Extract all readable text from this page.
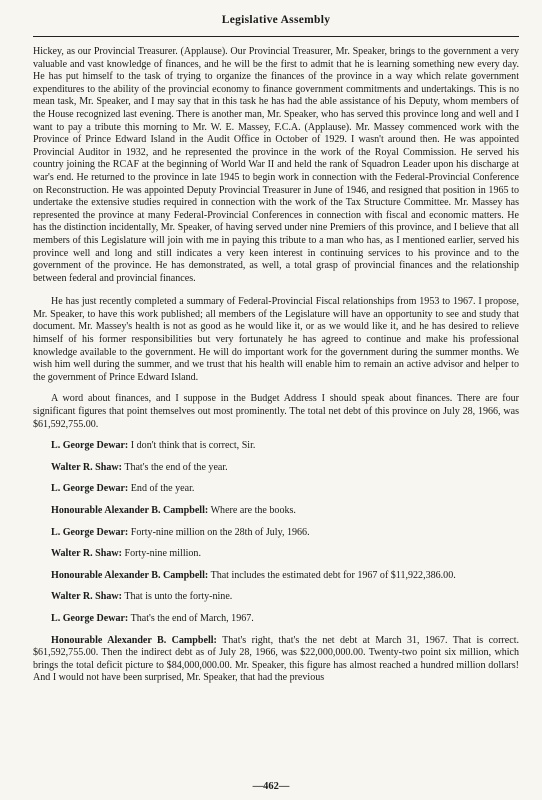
Legislative Assembly

Hickey, as our Provincial Treasurer. (Applause). Our Provincial Treasurer, Mr. Speaker, brings to the government a very valuable and vast knowledge of finances, and he will be the first to admit that he is learning something new every day. He has put himself to the task of trying to organize the finances of the province in a way which relate government expenditures to the ability of the provincial economy to finance government commitments and undertakings. This is no mean task, Mr. Speaker, and I may say that in this task he has had the able assistance of his Deputy, whom members of the House recognized last evening. There is another man, Mr. Speaker, who has served this province long and well and I want to pay a tribute this morning to Mr. W. E. Massey, F.C.A. (Applause). Mr. Massey commenced work with the Province of Prince Edward Island in the Audit Office in October of 1929. I wasn't around then. He was appointed Provincial Auditor in 1932, and he represented the province in the work of the Royal Commission. He served his country joining the RCAF at the beginning of World War II and held the rank of Squadron Leader upon his discharge at war's end. He returned to the province in late 1945 to begin work in connection with the Federal-Provincial Conference on Reconstruction. He was appointed Deputy Provincial Treasurer in June of 1946, and resigned that position in 1965 to undertake the extensive studies required in connection with the work of the Tax Structure Committee. Mr. Massey has represented the province at many Federal-Provincial Conferences in connection with fiscal and economic matters. He has the distinction incidentally, Mr. Speaker, of having served under nine Premiers of this province, and I believe that all members of this Legislature will join with me in paying this tribute to a man who has, as I mentioned earlier, served his province well and long and still indicates a very keen interest in continuing services to his province and to the government of the province. He has demonstrated, as well, a total grasp of provincial finances and the relationship between federal and provincial finances.

He has just recently completed a summary of Federal-Provincial Fiscal relationships from 1953 to 1967. I propose, Mr. Speaker, to have this work published; all members of the Legislature will have an opportunity to see and study that document. Mr. Massey's health is not as good as he would like it, or as we would like it, and he has desired to relieve himself of his former responsibilities but very fortunately he has agreed to continue and make his professional knowledge available to the government. He will do important work for the government during the summer months. We wish him well during the summer, and we trust that his health will enable him to remain an active advisor and helper to the government of Prince Edward Island.

A word about finances, and I suppose in the Budget Address I should speak about finances. There are four significant figures that point themselves out most prominently. The total net debt of this province on July 28, 1966, was $61,592,755.00.

L. George Dewar: I don't think that is correct, Sir.

Walter R. Shaw: That's the end of the year.

L. George Dewar: End of the year.

Honourable Alexander B. Campbell: Where are the books.

L. George Dewar: Forty-nine million on the 28th of July, 1966.

Walter R. Shaw: Forty-nine million.

Honourable Alexander B. Campbell: That includes the estimated debt for 1967 of $11,922,386.00.

Walter R. Shaw: That is unto the forty-nine.

L. George Dewar: That's the end of March, 1967.

Honourable Alexander B. Campbell: That's right, that's the net debt at March 31, 1967. That is correct. $61,592,755.00. Then the indirect debt as of July 28, 1966, was $22,000,000.00. Twenty-two point six million, which brings the total deficit picture to $84,000,000.00. Mr. Speaker, this figure has almost reached a hundred million dollars! And I would not have been surprised, Mr. Speaker, that had the previous

—462—
